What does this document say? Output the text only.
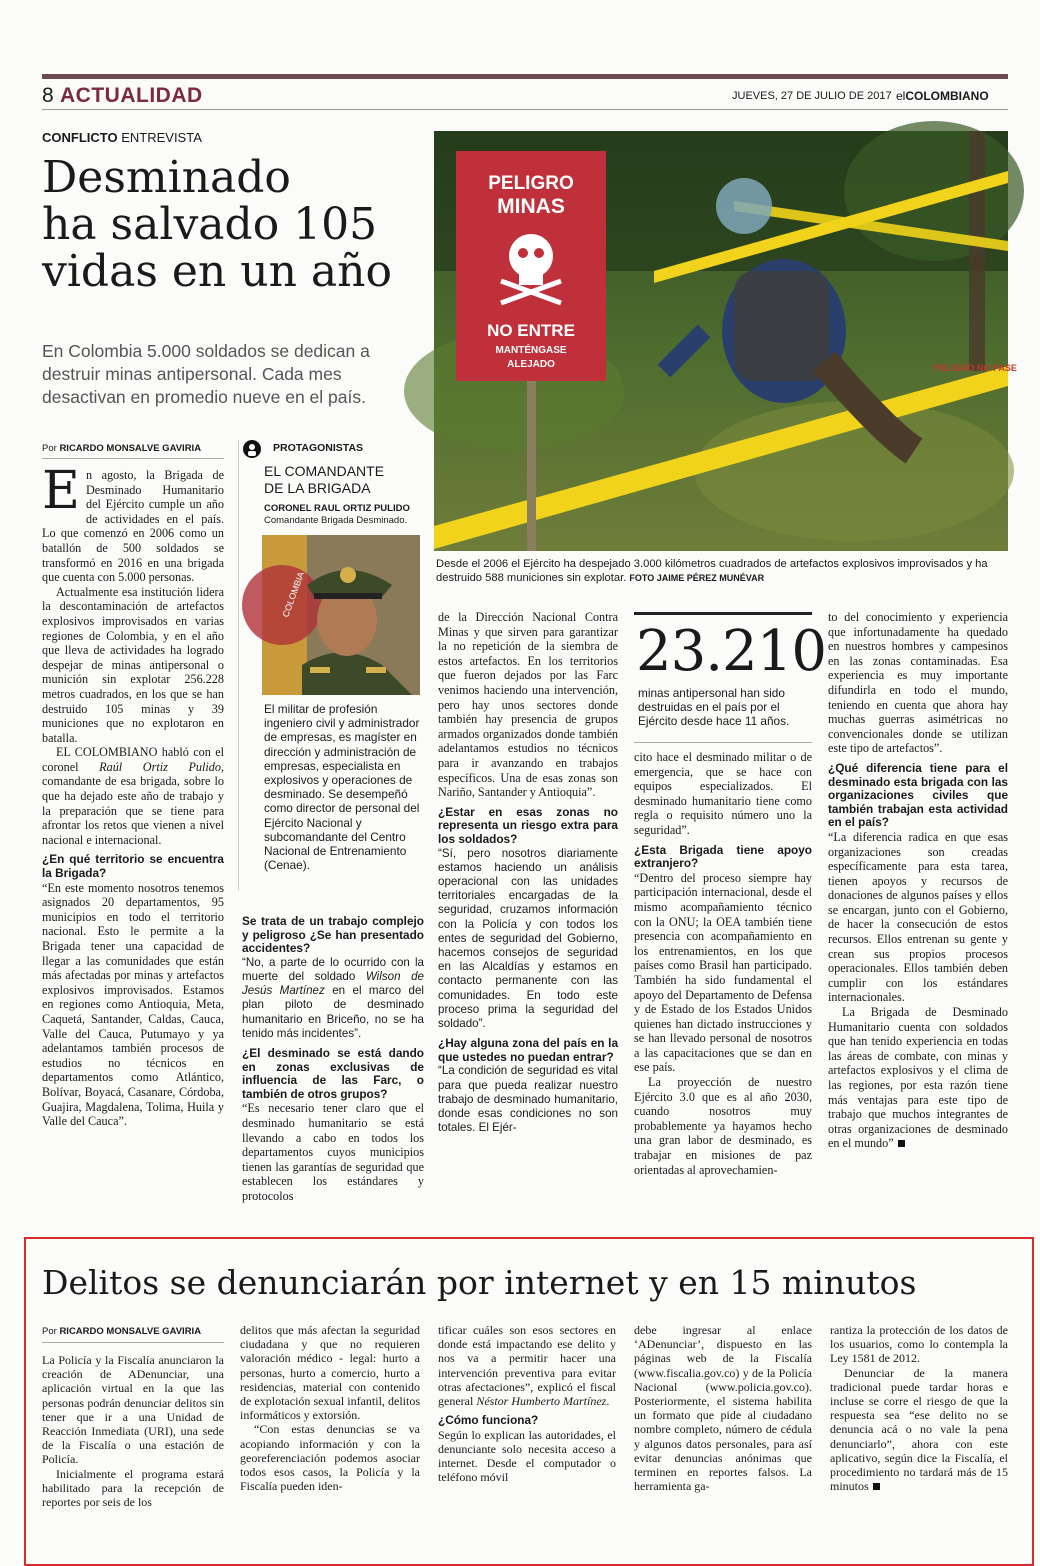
8 ACTUALIDAD	JUEVES, 27 DE JULIO DE 2017 elCOLOMBIANO
CONFLICTO ENTREVISTA
Desminado
ha salvado 105
vidas en un año
En Colombia 5.000 soldados se dedican a destruir minas antipersonal. Cada mes desactivan en promedio nueve en el país.
PELIGRO NO PASE
PELIGRO
MINAS
NO ENTRE
MANTÉNGASE
ALEJADO
Desde el 2006 el Ejército ha despejado 3.000 kilómetros cuadrados de artefactos explosivos improvisados y ha destruido 588 municiones sin explotar. FOTO JAIME PÉREZ MUNÉVAR
Por RICARDO MONSALVE GAVIRIA

En agosto, la Brigada de Desminado Humanitario del Ejército cumple un año de actividades en el país. Lo que comenzó en 2006 como un batallón de 500 soldados se transformó en 2016 en una brigada que cuenta con 5.000 personas.

Actualmente esa institución lidera la descontaminación de artefactos explosivos improvisados en varias regiones de Colombia, y en el año que lleva de actividades ha logrado despejar de minas antipersonal o munición sin explotar 256.228 metros cuadrados, en los que se han destruido 105 minas y 39 municiones que no explotaron en batalla.

EL COLOMBIANO habló con el coronel Raúl Ortiz Pulido, comandante de esa brigada, sobre lo que ha dejado este año de trabajo y la preparación que se tiene para afrontar los retos que vienen a nivel nacional e internacional.

¿En qué territorio se encuentra la Brigada?

“En este momento nosotros tenemos asignados 20 departamentos, 95 municipios en todo el territorio nacional. Esto le permite a la Brigada tener una capacidad de llegar a las comunidades que están más afectadas por minas y artefactos explosivos improvisados. Estamos en regiones como Antioquia, Meta, Caquetá, Santander, Caldas, Cauca, Valle del Cauca, Putumayo y ya adelantamos también procesos de estudios no técnicos en departamentos como Atlántico, Bolívar, Boyacá, Casanare, Córdoba, Guajira, Magdalena, Tolima, Huila y Valle del Cauca”.

PROTAGONISTAS
EL COMANDANTE
DE LA BRIGADA
CORONEL RAUL ORTIZ PULIDO
Comandante Brigada Desminado.
COLOMBIA
El militar de profesión ingeniero civil y administrador de empresas, es magíster en dirección y administración de empresas, especialista en explosivos y operaciones de desminado. Se desempeñó como director de personal del Ejército Nacional y subcomandante del Centro Nacional de Entrenamiento (Cenae).

Se trata de un trabajo complejo y peligroso ¿Se han presentado accidentes?

“No, a parte de lo ocurrido con la muerte del soldado Wilson de Jesús Martínez en el marco del plan piloto de desminado humanitario en Briceño, no se ha tenido más incidentes”.

¿El desminado se está dando en zonas exclusivas de influencia de las Farc, o también de otros grupos?

“Es necesario tener claro que el desminado humanitario se está llevando a cabo en todos los departamentos cuyos municipios tienen las garantías de seguridad que establecen los estándares y protocolos

de la Dirección Nacional Contra Minas y que sirven para garantizar la no repetición de la siembra de estos artefactos. En los territorios que fueron dejados por las Farc venimos haciendo una intervención, pero hay unos sectores donde también hay presencia de grupos armados organizados donde también adelantamos estudios no técnicos para ir avanzando en trabajos específicos. Una de esas zonas son Nariño, Santander y Antioquia”.

¿Estar en esas zonas no representa un riesgo extra para los soldados?

“Sí, pero nosotros diariamente estamos haciendo un análisis operacional con las unidades territoriales encargadas de la seguridad, cruzamos información con la Policía y con todos los entes de seguridad del Gobierno, hacemos consejos de seguridad en las Alcaldías y estamos en contacto permanente con las comunidades. En todo este proceso prima la seguridad del soldado”.

¿Hay alguna zona del país en la que ustedes no puedan entrar?

“La condición de seguridad es vital para que pueda realizar nuestro trabajo de desminado humanitario, donde esas condiciones no son totales. El Ejér-

23.210
minas antipersonal han sido destruidas en el país por el Ejército desde hace 11 años.

cito hace el desminado militar o de emergencia, que se hace con equipos especializados. El desminado humanitario tiene como regla o requisito número uno la seguridad”.

¿Esta Brigada tiene apoyo extranjero?

“Dentro del proceso siempre hay participación internacional, desde el mismo acompañamiento técnico con la ONU; la OEA también tiene presencia con acompañamiento en los entrenamientos, en los que países como Brasil han participado. También ha sido fundamental el apoyo del Departamento de Defensa y de Estado de los Estados Unidos quienes han dictado instrucciones y se han llevado personal de nosotros a las capacitaciones que se dan en ese país.

La proyección de nuestro Ejército 3.0 que es al año 2030, cuando nosotros muy probablemente ya hayamos hecho una gran labor de desminado, es trabajar en misiones de paz orientadas al aprovechamien-

to del conocimiento y experiencia que infortunadamente ha quedado en nuestros hombres y campesinos en las zonas contaminadas. Esa experiencia es muy importante difundirla en todo el mundo, teniendo en cuenta que ahora hay muchas guerras asimétricas no convencionales donde se utilizan este tipo de artefactos”.

¿Qué diferencia tiene para el desminado esta brigada con las organizaciones civiles que también trabajan esta actividad en el país?

“La diferencia radica en que esas organizaciones son creadas específicamente para esta tarea, tienen apoyos y recursos de donaciones de algunos países y ellos se encargan, junto con el Gobierno, de hacer la consecución de estos recursos. Ellos entrenan su gente y crean sus propios procesos operacionales. Ellos también deben cumplir con los estándares internacionales.

La Brigada de Desminado Humanitario cuenta con soldados que han tenido experiencia en todas las áreas de combate, con minas y artefactos explosivos y el clima de las regiones, por esta razón tiene más ventajas para este tipo de trabajo que muchos integrantes de otras organizaciones de desminado en el mundo”

Delitos se denunciarán por internet y en 15 minutos
Por RICARDO MONSALVE GAVIRIA

La Policía y la Fiscalía anunciaron la creación de ADenunciar, una aplicación virtual en la que las personas podrán denunciar delitos sin tener que ir a una Unidad de Reacción Inmediata (URI), una sede de la Fiscalía o una estación de Policía.

Inicialmente el programa estará habilitado para la recepción de reportes por seis de los

delitos que más afectan la seguridad ciudadana y que no requieren valoración médico - legal: hurto a personas, hurto a comercio, hurto a residencias, material con contenido de explotación sexual infantil, delitos informáticos y extorsión.

“Con estas denuncias se va acopiando información y con la georeferenciación podemos asociar todos esos casos, la Policía y la Fiscalía pueden iden-

tificar cuáles son esos sectores en donde está impactando ese delito y nos va a permitir hacer una intervención preventiva para evitar otras afectaciones”, explicó el fiscal general Néstor Humberto Martínez.

¿Cómo funciona?

Según lo explican las autoridades, el denunciante solo necesita acceso a internet. Desde el computador o teléfono móvil

debe ingresar al enlace ‘ADenunciar’, dispuesto en las páginas web de la Fiscalía (www.fiscalia.gov.co) y de la Policía Nacional (www.policia.gov.co). Posteriormente, el sistema habilita un formato que pide al ciudadano nombre completo, número de cédula y algunos datos personales, para así evitar denuncias anónimas que terminen en reportes falsos. La herramienta ga-

rantiza la protección de los datos de los usuarios, como lo contempla la Ley 1581 de 2012.

Denunciar de la manera tradicional puede tardar horas e incluse se corre el riesgo de que la respuesta sea “ese delito no se denuncia acá o no vale la pena denunciarlo”, ahora con este aplicativo, según dice la Fiscalía, el procedimiento no tardará más de 15 minutos
